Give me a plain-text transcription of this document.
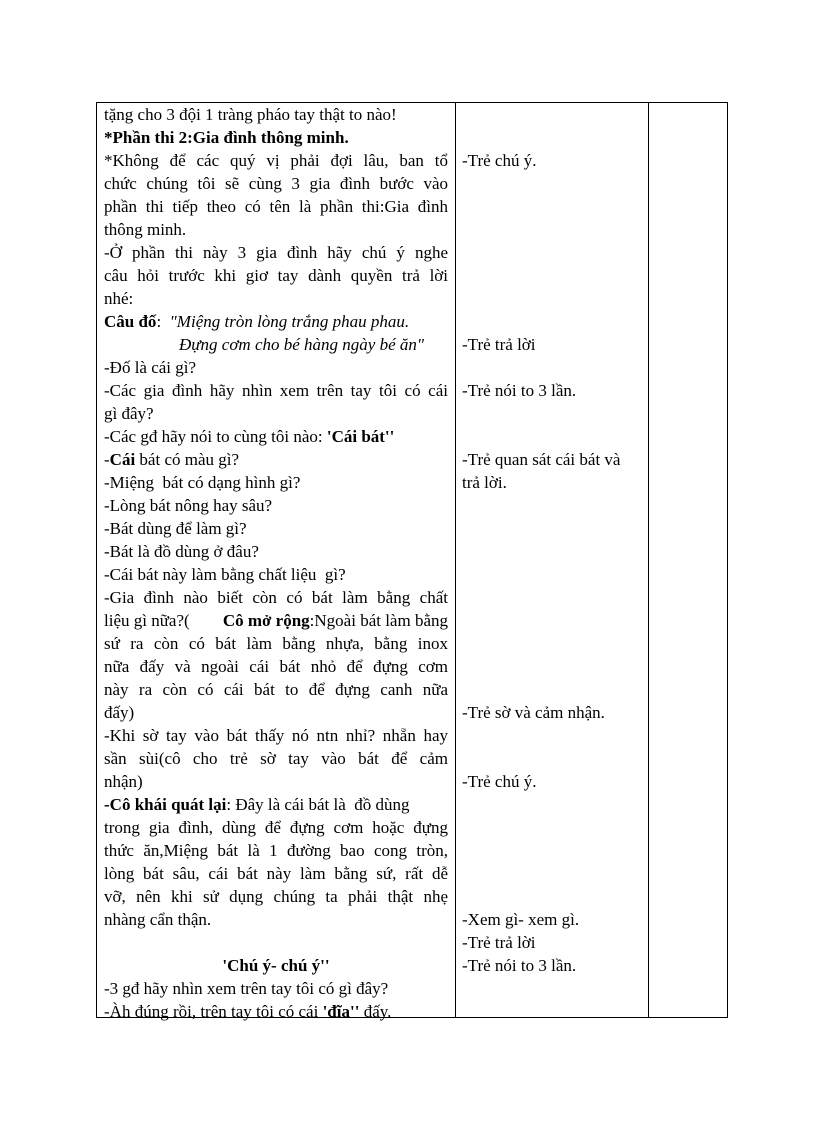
tặng cho 3 đội 1 tràng pháo tay thật to nào!
*Phần thi 2:Gia đình thông minh.
*Không để các quý vị phải đợi lâu, ban tổ
chức chúng tôi sẽ cùng 3 gia đình bước vào
phần thi tiếp theo có tên là phần thi:Gia đình
thông minh.
-Ở phần thi này 3 gia đình hãy chú ý nghe
câu hỏi trước khi giơ tay dành quyền trả lời
nhé:
Câu đố:  "Miệng tròn lòng trắng phau phau.
Đựng cơm cho bé hàng ngày bé ăn"
-Đố là cái gì?
-Các gia đình hãy nhìn xem trên tay tôi có cái
gì đây?
-Các gđ hãy nói to cùng tôi nào: 'Cái bát''
-Cái bát có màu gì?
-Miệng  bát có dạng hình gì?
-Lòng bát nông hay sâu?
-Bát dùng để làm gì?
-Bát là đồ dùng ở đâu?
-Cái bát này làm bằng chất liệu  gì?
-Gia đình nào biết còn có bát làm bằng chất
liệu gì nữa?( Cô mở rộng:Ngoài bát làm bằng
sứ ra còn có bát làm bằng nhựa, bằng inox
nữa đấy và ngoài cái bát nhỏ để đựng cơm
này ra còn có cái bát to để đựng canh nữa
đấy)
-Khi sờ tay vào bát thấy nó ntn nhỉ? nhẵn hay
sần sùi(cô cho trẻ sờ tay vào bát để cảm
nhận)
-Cô khái quát lại: Đây là cái bát là  đồ dùng
trong gia đình, dùng để đựng cơm hoặc đựng
thức ăn,Miệng bát là 1 đường bao cong tròn,
lòng bát sâu, cái bát này làm bằng sứ, rất dễ
vỡ, nên khi sử dụng chúng ta phải thật nhẹ
nhàng cẩn thận.
'Chú ý- chú ý''
-3 gđ hãy nhìn xem trên tay tôi có gì đây?
-Àh đúng rồi, trên tay tôi có cái 'đĩa'' đấy.
-Trẻ chú ý.
-Trẻ trả lời
-Trẻ nói to 3 lần.
-Trẻ quan sát cái bát và
trả lời.
-Trẻ sờ và cảm nhận.
-Trẻ chú ý.
-Xem gì- xem gì.
-Trẻ trả lời
-Trẻ nói to 3 lần.
